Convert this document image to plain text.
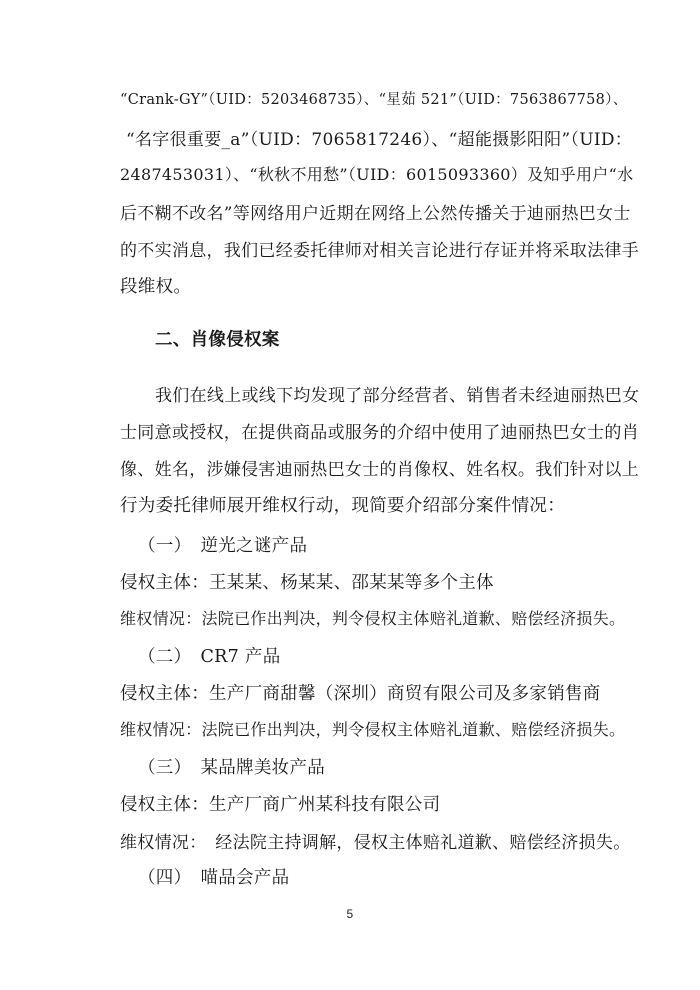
“Crank-GY”（UID：5203468735）、“星茹 521”（UID：7563867758）、
“名字很重要_a”（UID：7065817246）、“超能摄影阳阳”（UID：
2487453031）、“秋秋不用愁”（UID：6015093360）及知乎用户“水
后不糊不改名”等网络用户近期在网络上公然传播关于迪丽热巴女士
的不实消息，我们已经委托律师对相关言论进行存证并将采取法律手
段维权。
二、肖像侵权案
我们在线上或线下均发现了部分经营者、销售者未经迪丽热巴女
士同意或授权，在提供商品或服务的介绍中使用了迪丽热巴女士的肖
像、姓名，涉嫌侵害迪丽热巴女士的肖像权、姓名权。我们针对以上
行为委托律师展开维权行动，现简要介绍部分案件情况：
（一）　逆光之谜产品
侵权主体：王某某、杨某某、邵某某等多个主体
维权情况：法院已作出判决，判令侵权主体赔礼道歉、赔偿经济损失。
（二）　CR7 产品
侵权主体：生产厂商甜馨（深圳）商贸有限公司及多家销售商
维权情况：法院已作出判决，判令侵权主体赔礼道歉、赔偿经济损失。
（三）　某品牌美妆产品
侵权主体：生产厂商广州某科技有限公司
维权情况：　经法院主持调解，侵权主体赔礼道歉、赔偿经济损失。
（四）　喵品会产品
5
